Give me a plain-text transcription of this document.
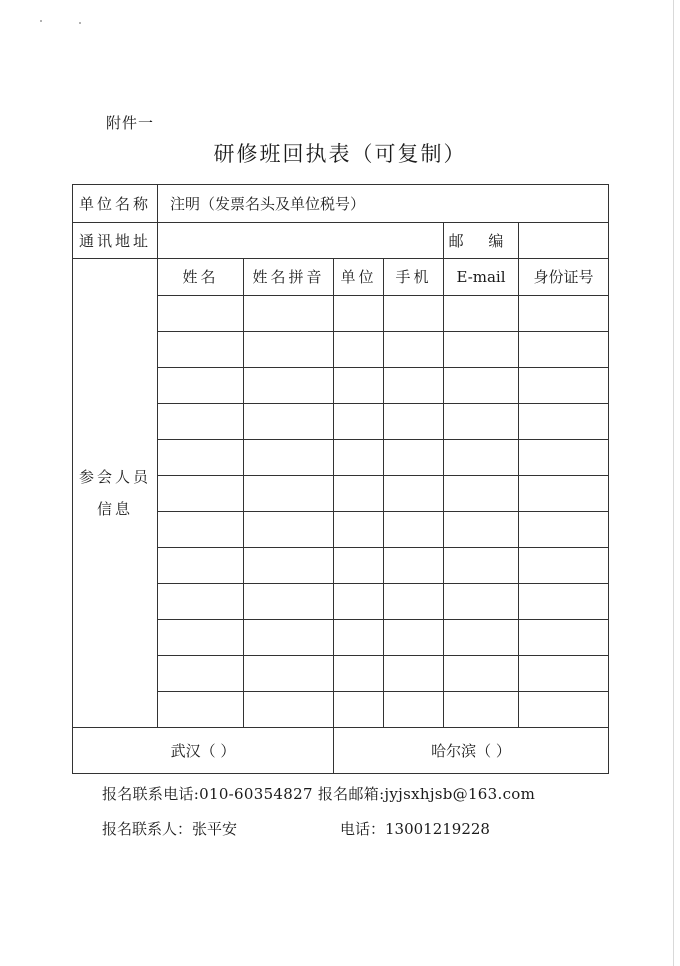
附件一
研修班回执表（可复制）
单位名称	注明（发票名头及单位税号）					
通讯地址					邮 编	

参会人员
信息	姓名	姓名拼音	单位	手机	E-mail	身份证号

武汉（ ）			哈尔滨（ ）			
报名联系电话:010-60354827 报名邮箱:jyjsxhjsb@163.com
报名联系人：张平安	电话：13001219228
